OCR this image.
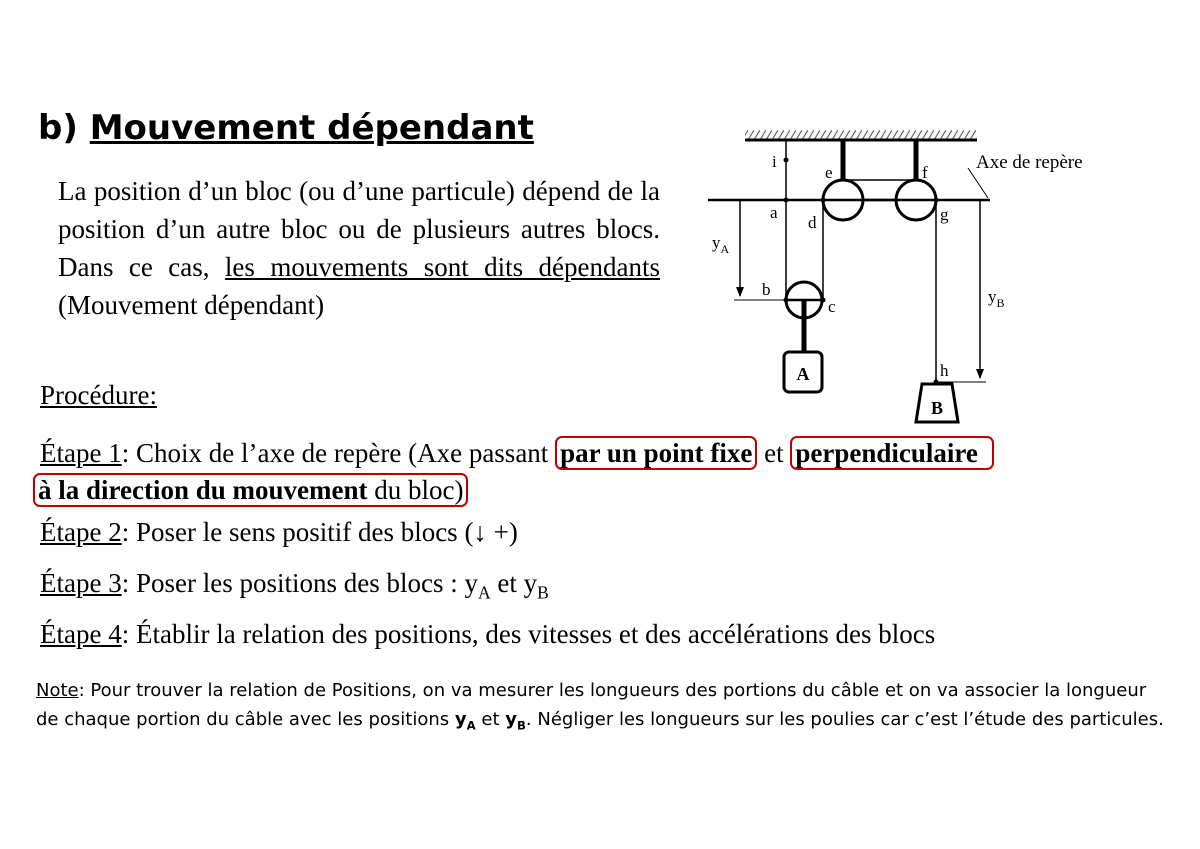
b) Mouvement dépendant
La position d’un bloc (ou d’une particule) dépend de la position d’un autre bloc ou de plusieurs autres blocs. Dans ce cas, les mouvements sont dits dépendants (Mouvement dépendant)
Procédure:
Étape 1: Choix de l’axe de repère (Axe passant par un point fixe et perpendiculaire
à la direction du mouvement du bloc)
Étape 2: Poser le sens positif des blocs (↓ +)
Étape 3: Poser les positions des blocs : $y_A$ et $y_B$
Étape 4: Établir la relation des positions, des vitesses et des accélérations des blocs
Note: Pour trouver la relation de Positions, on va mesurer les longueurs des portions du câble et on va associer la longueur de chaque portion du câble avec les positions $y_A$ et $y_B$. Négliger les longueurs sur les poulies car c’est l’étude des particules.
A
B
$y_A$
$y_B$
i
e	f
a
d	g
b
c
h
Axe de repère
